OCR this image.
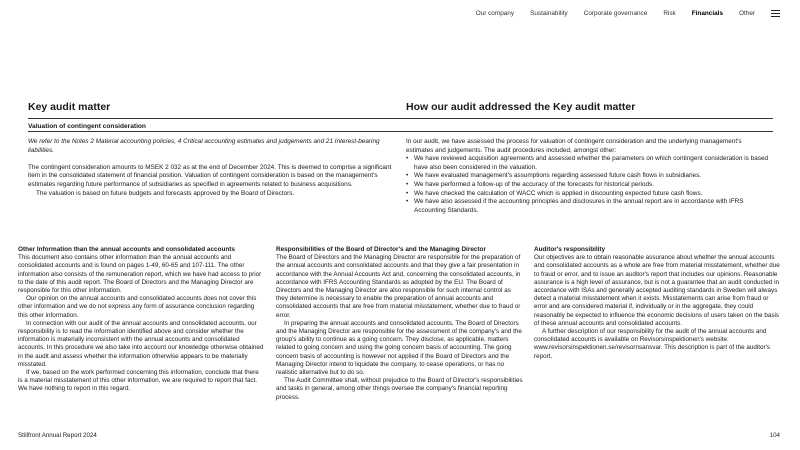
Our company	Sustainability	Corporate governance	Risk	Financials	Other
Key audit matter	How our audit addressed the Key audit matter
Valuation of contingent consideration

We refer to the Notes 2 Material accounting policies, 4 Critical accounting estimates and judgements and 21 Interest-bearing liabilities.

The contingent consideration amounts to MSEK 2 032 as at the end of December 2024. This is deemed to comprise a significant item in the consolidated statement of financial position. Valuation of contingent consideration is based on the management's estimates regarding future performance of subsidiaries as specified in agreements related to business acquisitions.

The valuation is based on future budgets and forecasts approved by the Board of Directors.

In our audit, we have assessed the process for valuation of contingent consideration and the underlying management's estimates and judgements. The audit procedures included, amongst other:

• We have reviewed acquisition agreements and assessed whether the parameters on which contingent consideration is based have also been considered in the valuation.
• We have evaluated management's assumptions regarding assessed future cash flows in subsidiaries.
• We have performed a follow-up of the accuracy of the forecasts for historical periods.
• We have checked the calculation of WACC which is applied in discounting expected future cash flows.
• We have also assessed if the accounting principles and disclosures in the annual report are in accordance with IFRS Accounting Standards.
Other Information than the annual accounts and consolidated accounts

This document also contains other information than the annual accounts and consolidated accounts and is found on pages 1-49, 60-65 and 107-111. The other information also consists of the remuneration report, which we have had access to prior to the date of this audit report. The Board of Directors and the Managing Director are responsible for this other information.

Our opinion on the annual accounts and consolidated accounts does not cover this other information and we do not express any form of assurance conclusion regarding this other information.

In connection with our audit of the annual accounts and consolidated accounts, our responsibility is to read the information identified above and consider whether the information is materially inconsistent with the annual accounts and consolidated accounts. In this procedure we also take into account our knowledge otherwise obtained in the audit and assess whether the information otherwise appears to be materially misstated.

If we, based on the work performed concerning this information, conclude that there is a material misstatement of this other information, we are required to report that fact. We have nothing to report in this regard.

Responsibilities of the Board of Director's and the Managing Director

The Board of Directors and the Managing Director are responsible for the preparation of the annual accounts and consolidated accounts and that they give a fair presentation in accordance with the Annual Accounts Act and, concerning the consolidated accounts, in accordance with IFRS Accounting Standards as adopted by the EU. The Board of Directors and the Managing Director are also responsible for such internal control as they determine is necessary to enable the preparation of annual accounts and consolidated accounts that are free from material misstatement, whether due to fraud or error.

In preparing the annual accounts and consolidated accounts, The Board of Directors and the Managing Director are responsible for the assessment of the company's and the group's ability to continue as a going concern. They disclose, as applicable, matters related to going concern and using the going concern basis of accounting. The going concern basis of accounting is however not applied if the Board of Directors and the Managing Director intend to liquidate the company, to cease operations, or has no realistic alternative but to do so.

The Audit Committee shall, without prejudice to the Board of Director's responsibilities and tasks in general, among other things oversee the company's financial reporting process.

Auditor's responsibility

Our objectives are to obtain reasonable assurance about whether the annual accounts and consolidated accounts as a whole are free from material misstatement, whether due to fraud or error, and to issue an auditor's report that includes our opinions. Reasonable assurance is a high level of assurance, but is not a guarantee that an audit conducted in accordance with ISAs and generally accepted auditing standards in Sweden will always detect a material misstatement when it exists. Misstatements can arise from fraud or error and are considered material if, individually or in the aggregate, they could reasonably be expected to influence the economic decisions of users taken on the basis of these annual accounts and consolidated accounts.

A further description of our responsibility for the audit of the annual accounts and consolidated accounts is available on Revisorsinspektionen's website: www.revisorsinspektionen.se/revisornsansvar. This description is part of the auditor's report.

Stillfront Annual Report 2024	104
